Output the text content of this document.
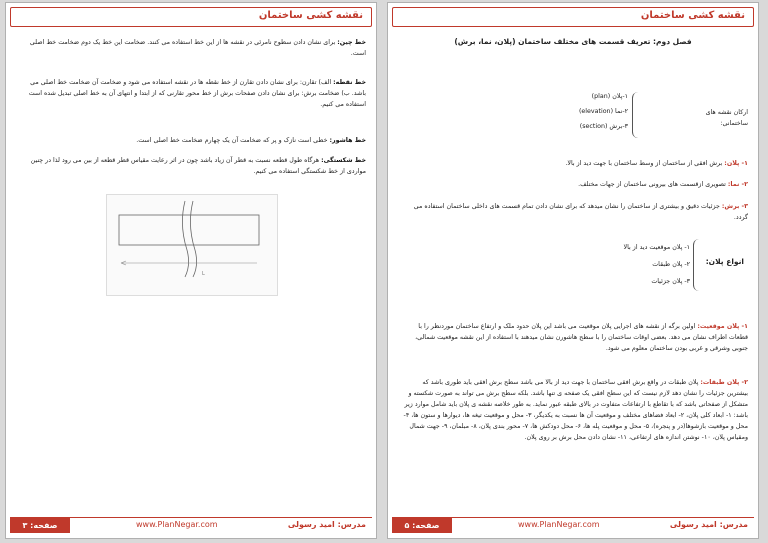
نقشه کشی ساختمان
خط چین: برای نشان دادن سطوح نامرئی در نقشه ها از این خط استفاده می کنند. ضخامت این خط یک دوم ضخامت خط اصلی است.
خط نقطه: الف) تقارن: برای نشان دادن تقارن از خط نقطه ها در نقشه استفاده می شود و ضخامت آن ضخامت خط اصلی می باشد. ب) ضخامت برش: برای نشان دادن صفحات برش از خط محور تقارنی که از ابتدا و انتهای آن به خط اصلی تبدیل شده است استفاده می کنیم.
خط هاشور: خطی است نازک و پر که ضخامت آن یک چهارم ضخامت خط اصلی است.
خط شکستگی: هرگاه طول قطعه نسبت به قطر آن زیاد باشد چون در اثر رعایت مقیاس قطر قطعه از بین می رود لذا در چنین مواردی از خط شکستگی استفاده می کنیم.
L
صفحه: ۳	www.PlanNegar.com	مدرس: امید رسولی
نقشه کشی ساختمان
فصل دوم: تعریف قسمت های مختلف ساختمان (پلان، نما، برش)
ارکان نقشه های ساختمانی:
۱-پلان (plan)
۲-نما (elevation)
۳-برش (section)
۱- پلان: برش افقی از ساختمان از وسط ساختمان با جهت دید از بالا.
۲- نما: تصویری ازقسمت های بیرونی ساختمان از جهات مختلف.
۳- برش: جزئیات دقیق و بیشتری از ساختمان را نشان میدهد که برای نشان دادن تمام قسمت های داخلی ساختمان استفاده می گردد.
انواع پلان:
۱- پلان موقعیت دید از بالا
۲- پلان طبقات
۳- پلان جزئیات
۱- پلان موقعیت: اولین برگه از نقشه های اجرایی پلان موقعیت می باشد این پلان حدود ملک و ارتفاع ساختمان موردنظر را با قطعات اطراف نشان می دهد. بعضی اوقات ساختمان را با سطح هاشورن نشان میدهند با استفاده از این نقشه موقعیت شمالی، جنوبی وشرقی و غربی بودن ساختمان معلوم می شود.
۲- پلان طبقات: پلان طبقات در واقع برش افقی ساختمان با جهت دید از بالا می باشد سطح برش افقی باید طوری باشد که بیشترین جزئیات را نشان دهد لازم نیست که این سطح افقی یک صفحه ی تنها باشد. بلکه سطح برش می تواند به صورت شکسته و متشکل از صفحاتی باشد که با تقاطع با ارتفاعات متفاوت در بالای طبقه عبور نماید. به طور خلاصه نقشه ی پلان باید شامل موارد زیر باشد: ۱- ابعاد کلی پلان، ۲- ابعاد فضاهای مختلف و موقعیت آن ها نسبت به یکدیگر، ۳- محل و موقعیت تیغه ها، دیوارها و ستون ها، ۴- محل و موقعیت بازشوها(در و پنجره)، ۵- محل و موقعیت پله ها، ۶- محل دودکش ها، ۷- محور بندی پلان، ۸- مبلمان، ۹- جهت شمال ومقیاس پلان، ۱۰- نوشتن اندازه های ارتفاعی، ۱۱- نشان دادن محل برش بر روی پلان.
صفحه: ۵	www.PlanNegar.com	مدرس: امید رسولی
